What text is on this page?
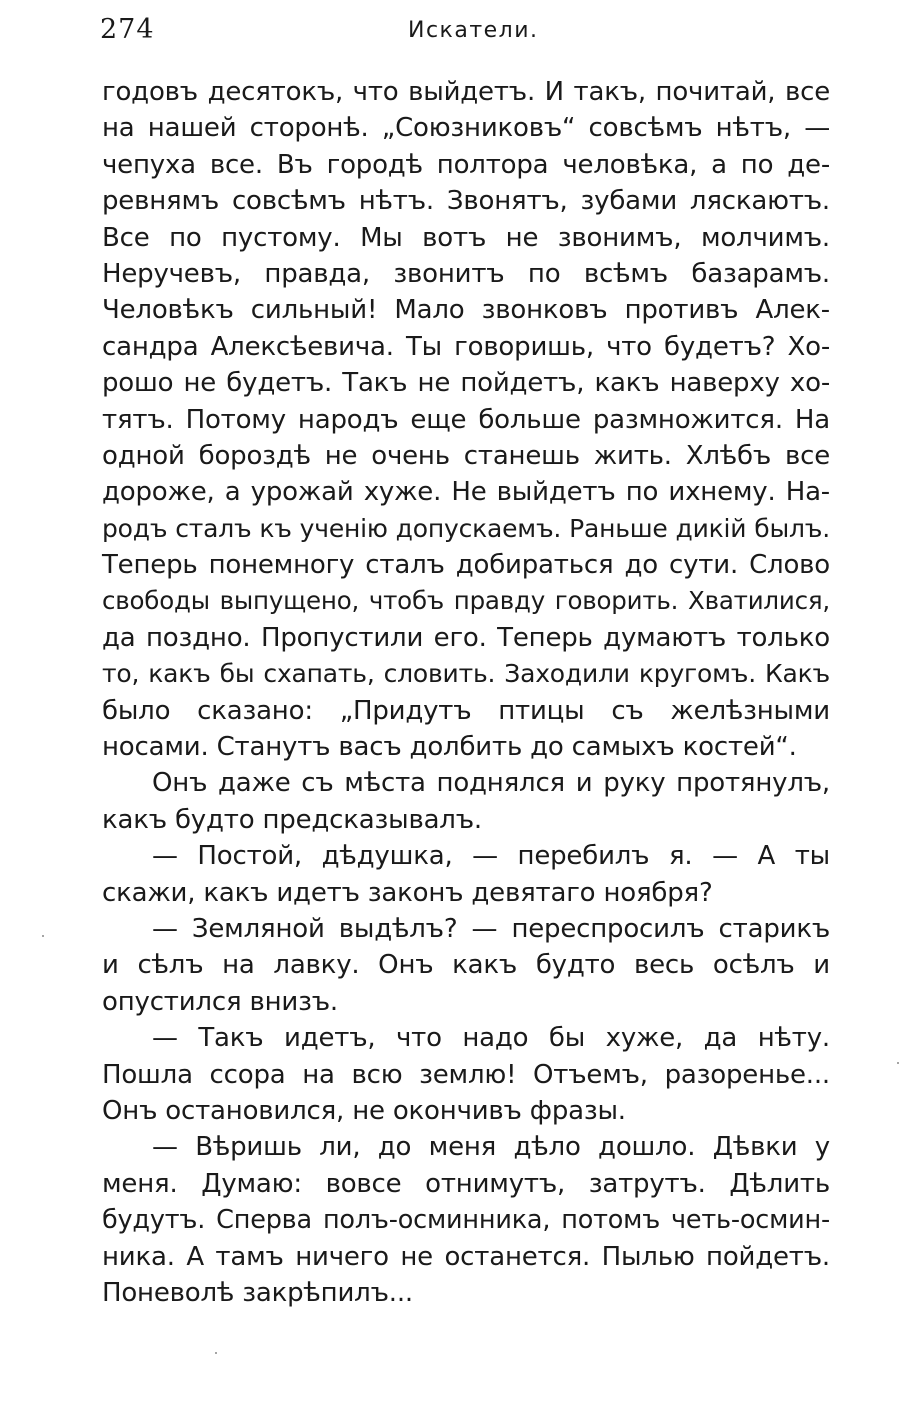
274	Искатели.
годовъ десятокъ, что выйдетъ. И такъ, почитай, все
на нашей сторонѣ. „Союзниковъ“ совсѣмъ нѣтъ, —
чепуха все. Въ городѣ полтора человѣка, а по де-
ревнямъ совсѣмъ нѣтъ. Звонятъ, зубами ляскаютъ.
Все по пустому. Мы вотъ не звонимъ, молчимъ.
Неручевъ, правда, звонитъ по всѣмъ базарамъ.
Человѣкъ сильный! Мало звонковъ противъ Алек-
сандра Алексѣевича. Ты говоришь, что будетъ? Хо-
рошо не будетъ. Такъ не пойдетъ, какъ наверху хо-
тятъ. Потому народъ еще больше размножится. На
одной бороздѣ не очень станешь жить. Хлѣбъ все
дороже, а урожай хуже. Не выйдетъ по ихнему. На-
родъ сталъ къ ученію допускаемъ. Раньше дикій былъ.
Теперь понемногу сталъ добираться до сути. Слово
свободы выпущено, чтобъ правду говорить. Хватилися,
да поздно. Пропустили его. Теперь думаютъ только
то, какъ бы схапать, словить. Заходили кругомъ. Какъ
было сказано: „Придутъ птицы съ желѣзными
носами. Станутъ васъ долбить до самыхъ костей“.
Онъ даже съ мѣста поднялся и руку протянулъ,
какъ будто предсказывалъ.
— Постой, дѣдушка, — перебилъ я. — А ты
скажи, какъ идетъ законъ девятаго ноября?
— Земляной выдѣлъ? — переспросилъ старикъ
и сѣлъ на лавку. Онъ какъ будто весь осѣлъ и
опустился внизъ.
— Такъ идетъ, что надо бы хуже, да нѣту.
Пошла ссора на всю землю! Отъемъ, разоренье...
Онъ остановился, не окончивъ фразы.
— Вѣришь ли, до меня дѣло дошло. Дѣвки у
меня. Думаю: вовсе отнимутъ, затрутъ. Дѣлить
будутъ. Сперва полъ-осминника, потомъ четь-осмин-
ника. А тамъ ничего не останется. Пылью пойдетъ.
Поневолѣ закрѣпилъ...
